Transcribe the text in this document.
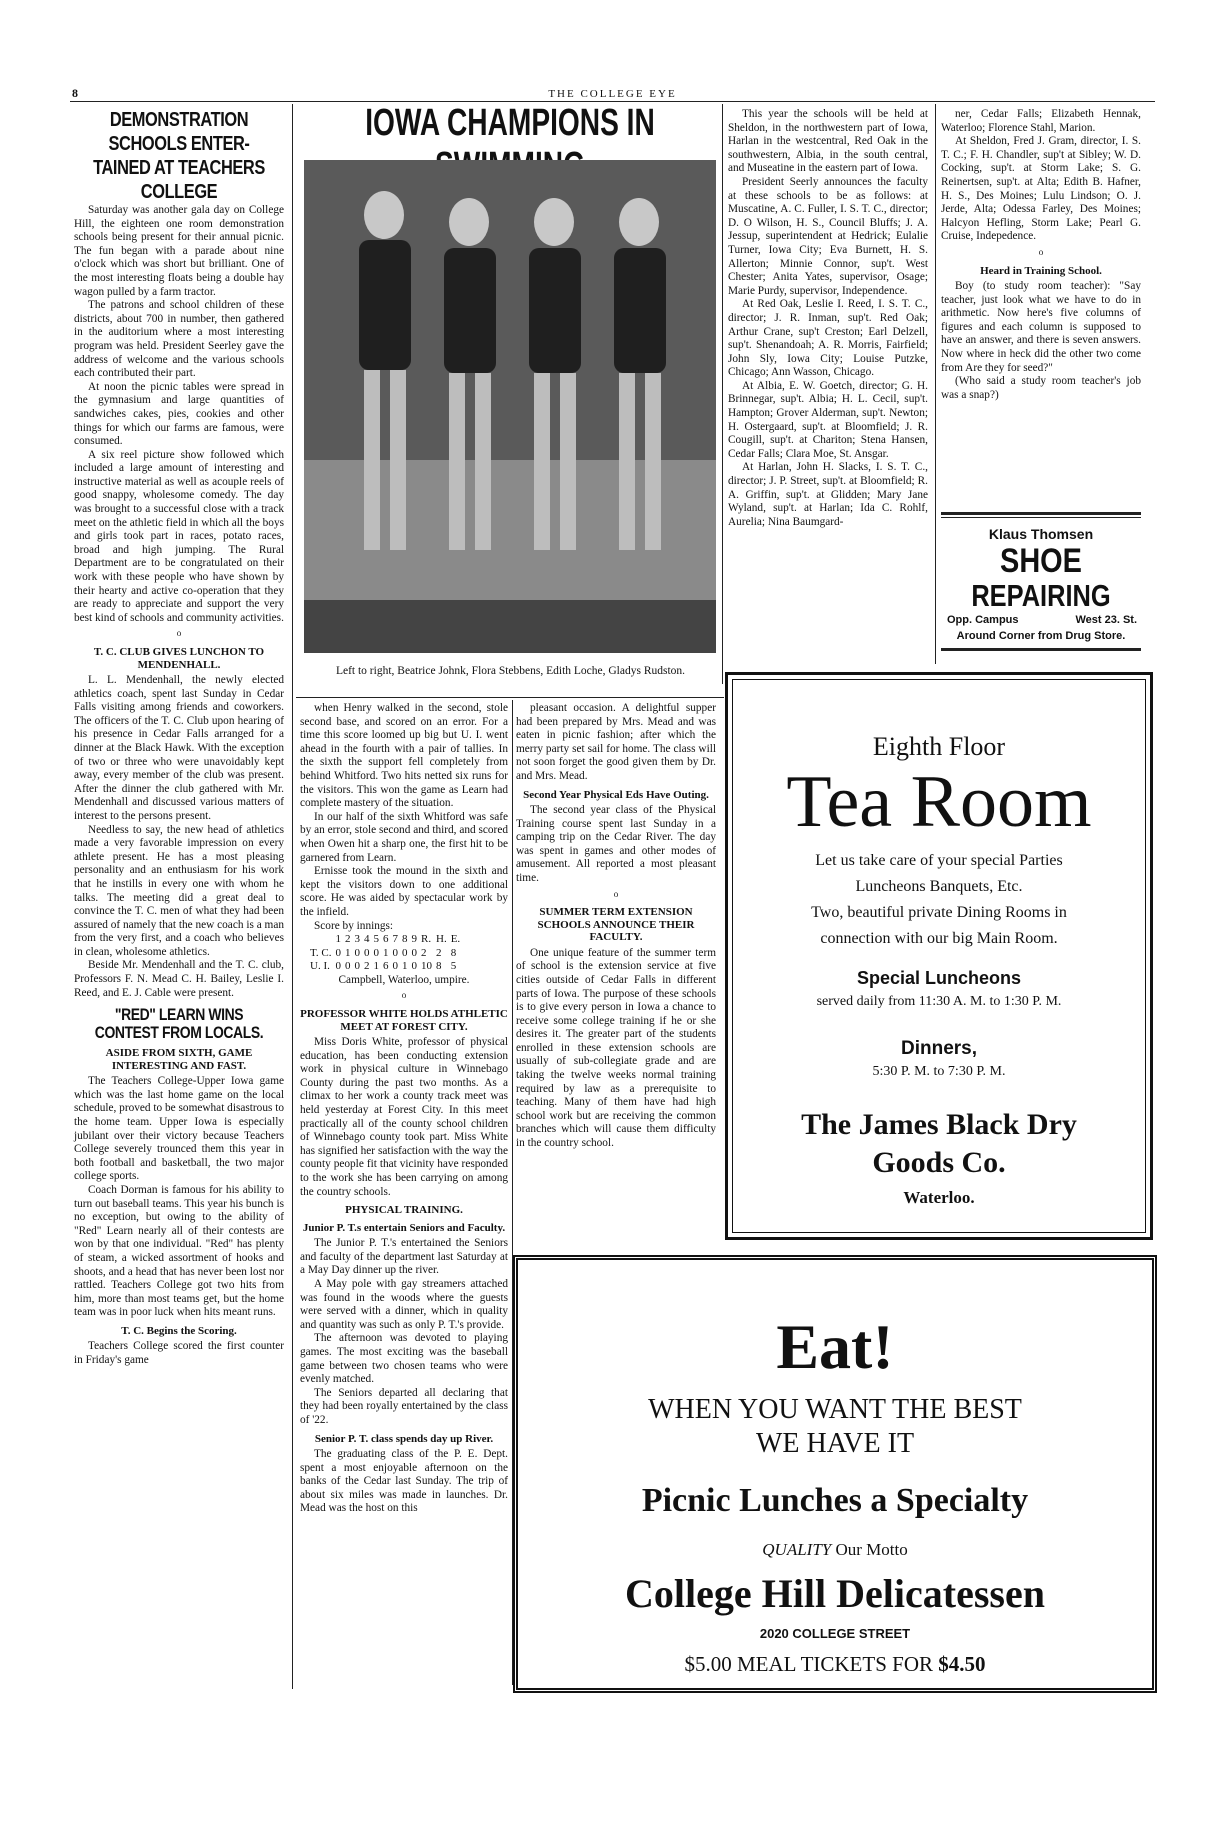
8	THE COLLEGE EYE
DEMONSTRATION SCHOOLS ENTER-TAINED AT TEACHERS COLLEGE

Saturday was another gala day on College Hill, the eighteen one room demonstration schools being present for their annual picnic. The fun began with a parade about nine o'clock which was short but brilliant. One of the most interesting floats being a double hay wagon pulled by a farm tractor.

The patrons and school children of these districts, about 700 in number, then gathered in the auditorium where a most interesting program was held. President Seerley gave the address of welcome and the various schools each contributed their part.

At noon the picnic tables were spread in the gymnasium and large quantities of sandwiches cakes, pies, cookies and other things for which our farms are famous, were consumed.

A six reel picture show followed which included a large amount of interesting and instructive material as well as acouple reels of good snappy, wholesome comedy. The day was brought to a successful close with a track meet on the athletic field in which all the boys and girls took part in races, potato races, broad and high jumping. The Rural Department are to be congratulated on their work with these people who have shown by their hearty and active co-operation that they are ready to appreciate and support the very best kind of schools and community activities.

o
T. C. CLUB GIVES LUNCHON TO MENDENHALL.

L. L. Mendenhall, the newly elected athletics coach, spent last Sunday in Cedar Falls visiting among friends and coworkers. The officers of the T. C. Club upon hearing of his presence in Cedar Falls arranged for a dinner at the Black Hawk. With the exception of two or three who were unavoidably kept away, every member of the club was present. After the dinner the club gathered with Mr. Mendenhall and discussed various matters of interest to the persons present.

Needless to say, the new head of athletics made a very favorable impression on every athlete present. He has a most pleasing personality and an enthusiasm for his work that he instills in every one with whom he talks. The meeting did a great deal to convince the T. C. men of what they had been assured of namely that the new coach is a man from the very first, and a coach who believes in clean, wholesome athletics.

Beside Mr. Mendenhall and the T. C. club, Professors F. N. Mead C. H. Bailey, Leslie I. Reed, and E. J. Cable were present.

"RED" LEARN WINS CONTEST FROM LOCALS.
ASIDE FROM SIXTH, GAME INTERESTING AND FAST.

The Teachers College-Upper Iowa game which was the last home game on the local schedule, proved to be somewhat disastrous to the home team. Upper Iowa is especially jubilant over their victory because Teachers College severely trounced them this year in both football and basketball, the two major college sports.

Coach Dorman is famous for his ability to turn out baseball teams. This year his bunch is no exception, but owing to the ability of "Red" Learn nearly all of their contests are won by that one individual. "Red" has plenty of steam, a wicked assortment of hooks and shoots, and a head that has never been lost nor rattled. Teachers College got two hits from him, more than most teams get, but the home team was in poor luck when hits meant runs.

T. C. Begins the Scoring.

Teachers College scored the first counter in Friday's game

IOWA CHAMPIONS IN
Left to right, Beatrice Johnk, Flora Stebbens, Edith Loche, Gladys Rudston.

when Henry walked in the second, stole second base, and scored on an error. For a time this score loomed up big but U. I. went ahead in the fourth with a pair of tallies. In the sixth the support fell completely from behind Whitford. Two hits netted six runs for the visitors. This won the game as Learn had complete mastery of the situation.

In our half of the sixth Whitford was safe by an error, stole second and third, and scored when Owen hit a sharp one, the first hit to be garnered from Learn.

Ernisse took the mound in the sixth and kept the visitors down to one additional score. He was aided by spectacular work by the infield.

Score by innings:
	1	2	3	4	5	6	7	8	9	R.	H.	E.
T. C.	0	1	0	0	0	1	0	0	0	2	2	8
U. I.	0	0	0	2	1	6	0	1	0	10	8	5
Campbell, Waterloo, umpire.
o
PROFESSOR WHITE HOLDS ATHLETIC MEET AT FOREST CITY.

Miss Doris White, professor of physical education, has been conducting extension work in physical culture in Winnebago County during the past two months. As a climax to her work a county track meet was held yesterday at Forest City. In this meet practically all of the county school children of Winnebago county took part. Miss White has signified her satisfaction with the way the county people fit that vicinity have responded to the work she has been carrying on among the country schools.

PHYSICAL TRAINING.
Junior P. T.s entertain Seniors and Faculty.

The Junior P. T.'s entertained the Seniors and faculty of the department last Saturday at a May Day dinner up the river.

A May pole with gay streamers attached was found in the woods where the guests were served with a dinner, which in quality and quantity was such as only P. T.'s provide.

The afternoon was devoted to playing games. The most exciting was the baseball game between two chosen teams who were evenly matched.

The Seniors departed all declaring that they had been royally entertained by the class of '22.

Senior P. T. class spends day up River.

The graduating class of the P. E. Dept. spent a most enjoyable afternoon on the banks of the Cedar last Sunday. The trip of about six miles was made in launches. Dr. Mead was the host on this

pleasant occasion. A delightful supper had been prepared by Mrs. Mead and was eaten in picnic fashion; after which the merry party set sail for home. The class will not soon forget the good given them by Dr. and Mrs. Mead.

Second Year Physical Eds Have Outing.

The second year class of the Physical Training course spent last Sunday in a camping trip on the Cedar River. The day was spent in games and other modes of amusement. All reported a most pleasant time.

o
SUMMER TERM EXTENSION SCHOOLS ANNOUNCE THEIR FACULTY.

One unique feature of the summer term of school is the extension service at five cities outside of Cedar Falls in different parts of Iowa. The purpose of these schools is to give every person in Iowa a chance to receive some college training if he or she desires it. The greater part of the students enrolled in these extension schools are usually of sub-collegiate grade and are taking the twelve weeks normal training required by law as a prerequisite to teaching. Many of them have had high school work but are receiving the common branches which will cause them difficulty in the country school.

This year the schools will be held at Sheldon, in the northwestern part of Iowa, Harlan in the westcentral, Red Oak in the southwestern, Albia, in the south central, and Museatine in the eastern part of Iowa.

President Seerly announces the faculty at these schools to be as follows: at Muscatine, A. C. Fuller, I. S. T. C., director; D. O Wilson, H. S., Council Bluffs; J. A. Jessup, superintendent at Hedrick; Eulalie Turner, Iowa City; Eva Burnett, H. S. Allerton; Minnie Connor, sup't. West Chester; Anita Yates, supervisor, Osage; Marie Purdy, supervisor, Independence.

At Red Oak, Leslie I. Reed, I. S. T. C., director; J. R. Inman, sup't. Red Oak; Arthur Crane, sup't Creston; Earl Delzell, sup't. Shenandoah; A. R. Morris, Fairfield; John Sly, Iowa City; Louise Putzke, Chicago; Ann Wasson, Chicago.

At Albia, E. W. Goetch, director; G. H. Brinnegar, sup't. Albia; H. L. Cecil, sup't. Hampton; Grover Alderman, sup't. Newton; H. Ostergaard, sup't. at Bloomfield; J. R. Cougill, sup't. at Chariton; Stena Hansen, Cedar Falls; Clara Moe, St. Ansgar.

At Harlan, John H. Slacks, I. S. T. C., director; J. P. Street, sup't. at Bloomfield; R. A. Griffin, sup't. at Glidden; Mary Jane Wyland, sup't. at Harlan; Ida C. Rohlf, Aurelia; Nina Baumgard-

ner, Cedar Falls; Elizabeth Hennak, Waterloo; Florence Stahl, Marion.

At Sheldon, Fred J. Gram, director, I. S. T. C.; F. H. Chandler, sup't at Sibley; W. D. Cocking, sup't. at Storm Lake; S. G. Reinertsen, sup't. at Alta; Edith B. Hafner, H. S., Des Moines; Lulu Lindson; O. J. Jerde, Alta; Odessa Farley, Des Moines; Halcyon Hefling, Storm Lake; Pearl G. Cruise, Indepedence.

o
Heard in Training School.

Boy (to study room teacher): "Say teacher, just look what we have to do in arithmetic. Now here's five columns of figures and each column is supposed to have an answer, and there is seven answers. Now where in heck did the other two come from Are they for seed?"

(Who said a study room teacher's job was a snap?)

Klaus Thomsen
SHOE
REPAIRING
Opp. Campus	West 23. St.
Around Corner from Drug Store.
Eighth Floor
Tea Room
Let us take care of your special Parties
Luncheons Banquets, Etc.
Two, beautiful private Dining Rooms in
connection with our big Main Room.
Special Luncheons
served daily from 11:30 A. M. to 1:30 P. M.
Dinners,
5:30 P. M. to 7:30 P. M.
The James Black Dry
Goods Co.
Waterloo.
Eat!
WHEN YOU WANT THE BEST
WE HAVE IT
Picnic Lunches a Specialty
QUALITY Our Motto
College Hill Delicatessen
2020 COLLEGE STREET
$5.00 MEAL TICKETS FOR $4.50
